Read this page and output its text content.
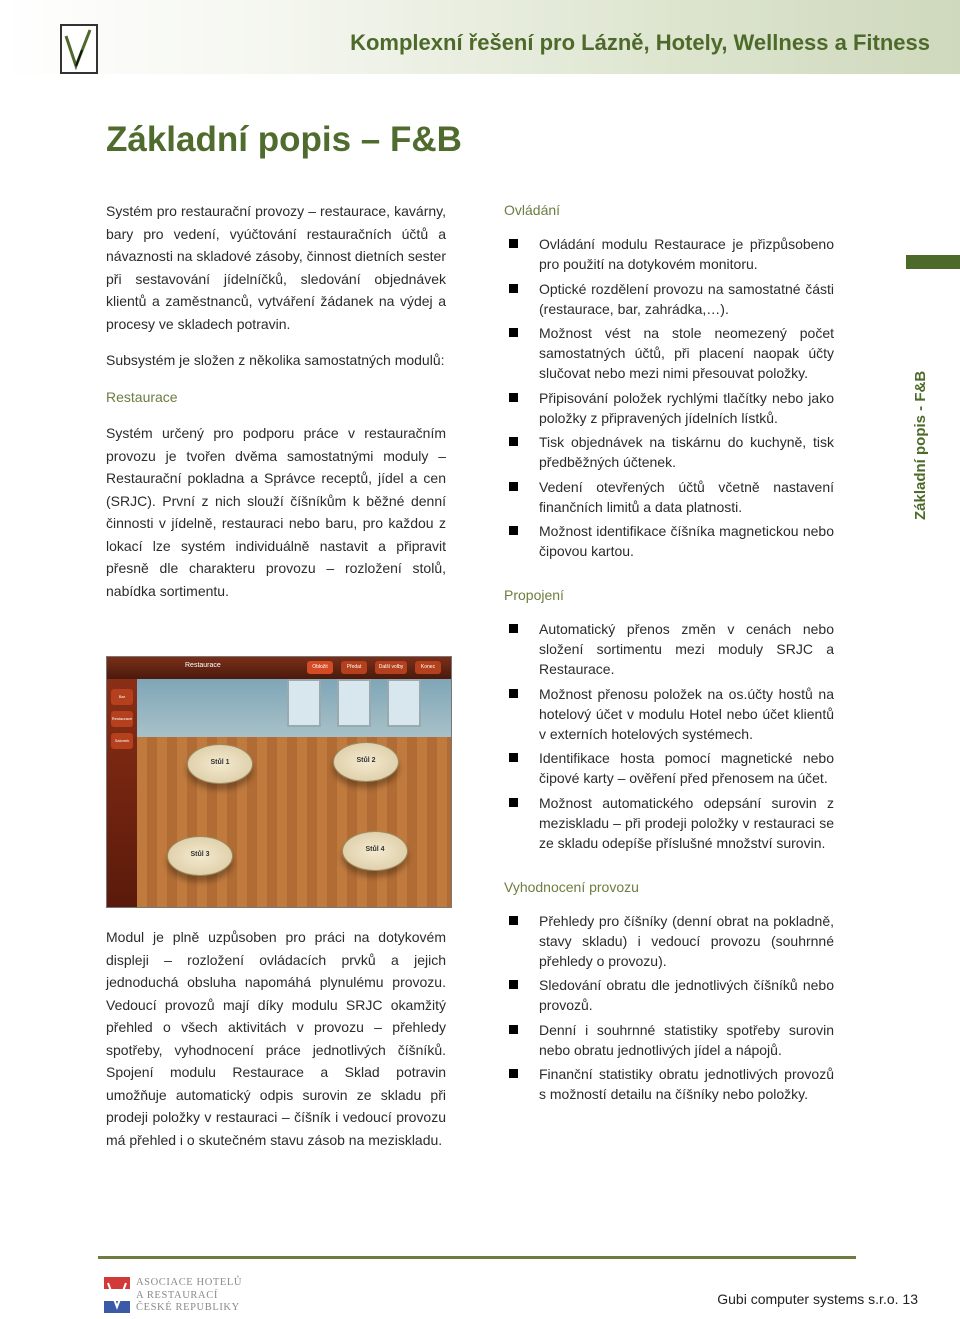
Komplexní řešení pro Lázně, Hotely, Wellness a Fitness
Základní popis – F&B

Systém pro restaurační provozy – restaurace, kavárny, bary pro vedení, vyúčtování restauračních účtů a návaznosti na skladové zásoby, činnost dietních sester při sestavování jídelníčků, sledování objednávek klientů a zaměstnanců, vytváření žádanek na výdej a procesy ve skladech potravin.

Subsystém je složen z několika samostatných modulů:

Restaurace

Systém určený pro podporu práce v restauračním provozu je tvořen dvěma samostatnými moduly – Restaurační pokladna a Správce receptů, jídel a cen (SRJC). První z nich slouží číšníkům k běžné denní činnosti v jídelně, restauraci nebo baru, pro každou z lokací lze systém individuálně nastavit a připravit přesně dle charakteru provozu – rozložení stolů, nabídka sortimentu.

Restaurace	Obložit	Předat	Další volby	Konec
Bar
Restaurace
Salonek
Stůl 1	Stůl 2
Stůl 3
Stůl 4

Modul je plně uzpůsoben pro práci na dotykovém displeji – rozložení ovládacích prvků a jejich jednoduchá obsluha napomáhá plynulému provozu. Vedoucí provozů mají díky modulu SRJC okamžitý přehled o všech aktivitách v provozu – přehledy spotřeby, vyhodnocení práce jednotlivých číšníků. Spojení modulu Restaurace a Sklad potravin umožňuje automatický odpis surovin ze skladu při prodeji položky v restauraci – číšník i vedoucí provozu má přehled i o skutečném stavu zásob na meziskladu.

Ovládání

Ovládání modulu Restaurace je přizpůsobeno pro použití na dotykovém monitoru.
Optické rozdělení provozu na samostatné části (restaurace, bar, zahrádka,…).
Možnost vést na stole neomezený počet samostatných účtů, při placení naopak účty slučovat nebo mezi nimi přesouvat položky.
Připisování položek rychlými tlačítky nebo jako položky z připravených jídelních lístků.
Tisk objednávek na tiskárnu do kuchyně, tisk předběžných účtenek.
Vedení otevřených účtů včetně nastavení finančních limitů a data platnosti.
Možnost identifikace číšníka magnetickou nebo čipovou kartou.

Propojení

Automatický přenos změn v cenách nebo složení sortimentu mezi moduly SRJC a Restaurace.
Možnost přenosu položek na os.účty hostů na hotelový účet v modulu Hotel nebo účet klientů v externích hotelových systémech.
Identifikace hosta pomocí magnetické nebo čipové karty – ověření před přenosem na účet.
Možnost automatického odepsání surovin z meziskladu – při prodeji položky v restauraci se ze skladu odepíše příslušné množství surovin.

Vyhodnocení provozu

Přehledy pro číšníky (denní obrat na pokladně, stavy skladu) i vedoucí provozu (souhrnné přehledy o provozu).
Sledování obratu dle jednotlivých číšníků nebo provozů.
Denní i souhrnné statistiky spotřeby surovin nebo obratu jednotlivých jídel a nápojů.
Finanční statistiky obratu jednotlivých provozů s možností detailu na číšníky nebo položky.
Základní popis - F&B
ASOCIACE HOTELŮ
A RESTAURACÍ
ČESKÉ REPUBLIKY
Gubi computer systems s.r.o. 13
